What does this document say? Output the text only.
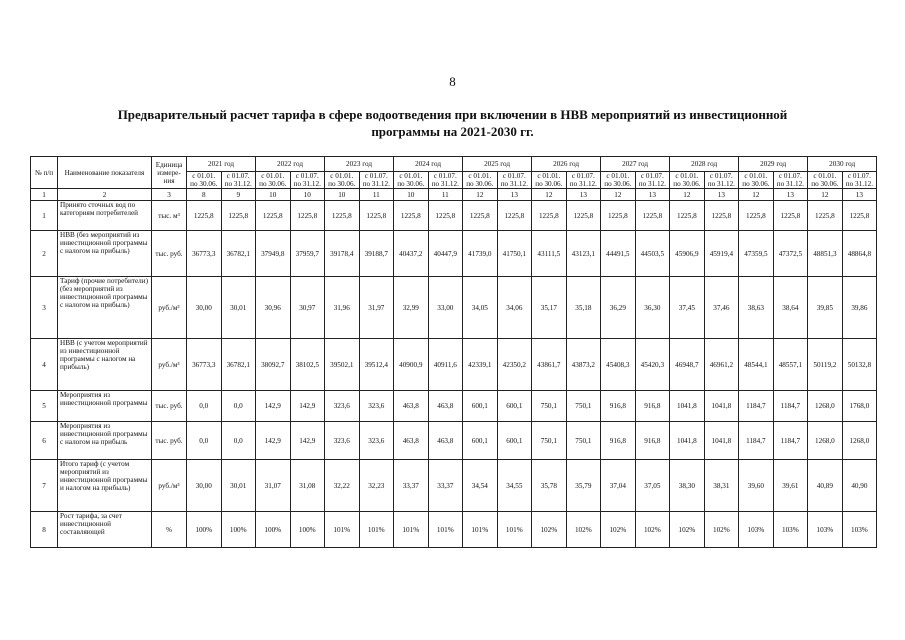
8
Предварительный расчет тарифа в сфере водоотведения при включении в НВВ мероприятий из инвестиционной
программы на 2021-2030 гг.
№ п/п	Наименование показателя	Единица измере-ния	2021 год		2022 год		2023 год		2024 год		2025 год		2026 год		2027 год		2028 год		2029 год		2030 год	
			с 01.01. по 30.06.	с 01.07. по 31.12.	с 01.01. по 30.06.	с 01.07. по 31.12.	с 01.01. по 30.06.	с 01.07. по 31.12.	с 01.01. по 30.06.	с 01.07. по 31.12.	с 01.01. по 30.06.	с 01.07. по 31.12.	с 01.01. по 30.06.	с 01.07. по 31.12.	с 01.01. по 30.06.	с 01.07. по 31.12.	с 01.01. по 30.06.	с 01.07. по 31.12.	с 01.01. по 30.06.	с 01.07. по 31.12.	с 01.01. по 30.06.	с 01.07. по 31.12.
1	2	3	8	9	10	10	10	11	10	11	12	13	12	13	12	13	12	13	12	13	12	13
1	Принято сточных вод по категориям потребителей	тыс. м³	1225,8	1225,8	1225,8	1225,8	1225,8	1225,8	1225,8	1225,8	1225,8	1225,8	1225,8	1225,8	1225,8	1225,8	1225,8	1225,8	1225,8	1225,8	1225,8	1225,8
2	НВВ (без мероприятий из инвестиционной программы с налогом на прибыль)	тыс. руб.	36773,3	36782,1	37949,8	37959,7	39178,4	39188,7	40437,2	40447,9	41739,0	41750,1	43111,5	43123,1	44491,5	44503,5	45906,9	45919,4	47359,5	47372,5	48851,3	48864,8
3	Тариф (прочие потребители) (без мероприятий из инвестиционной программы с налогом на прибыль)	руб./м³	30,00	30,01	30,96	30,97	31,96	31,97	32,99	33,00	34,05	34,06	35,17	35,18	36,29	36,30	37,45	37,46	38,63	38,64	39,85	39,86
4	НВВ (с учетом мероприятий из инвестиционной программы с налогом на прибыль)	руб./м³	36773,3	36782,1	38092,7	38102,5	39502,1	39512,4	40900,9	40911,6	42339,1	42350,2	43861,7	43873,2	45408,3	45420,3	46948,7	46961,2	48544,1	48557,1	50119,2	50132,8
5	Мероприятия из инвестиционной программы	тыс. руб.	0,0	0,0	142,9	142,9	323,6	323,6	463,8	463,8	600,1	600,1	750,1	750,1	916,8	916,8	1041,8	1041,8	1184,7	1184,7	1268,0	1768,0
6	Мероприятия из инвестиционной программы с налогом на прибыль	тыс. руб.	0,0	0,0	142,9	142,9	323,6	323,6	463,8	463,8	600,1	600,1	750,1	750,1	916,8	916,8	1041,8	1041,8	1184,7	1184,7	1268,0	1268,0
7	Итого тариф (с учетом мероприятий из инвестиционной программы и налогом на прибыль)	руб./м³	30,00	30,01	31,07	31,08	32,22	32,23	33,37	33,37	34,54	34,55	35,78	35,79	37,04	37,05	38,30	38,31	39,60	39,61	40,89	40,90
8	Рост тарифа, за счет инвестиционной составляющей	%	100%	100%	100%	100%	101%	101%	101%	101%	101%	101%	102%	102%	102%	102%	102%	102%	103%	103%	103%	103%
